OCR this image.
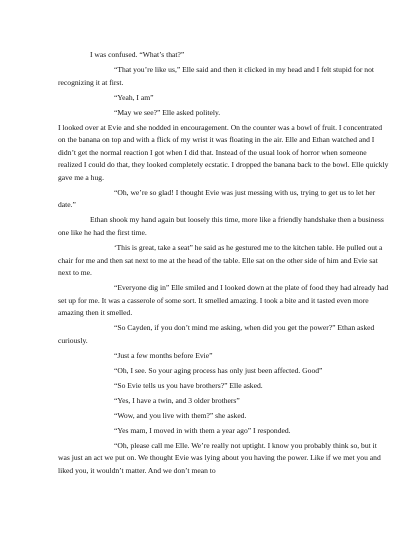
I was confused. “What’s that?”

“That you’re like us,” Elle said and then it clicked in my head and I felt stupid for not recognizing it at first.

“Yeah, I am”

“May we see?” Elle asked politely.

I looked over at Evie and she nodded in encouragement. On the counter was a bowl of fruit. I concentrated on the banana on top and with a flick of my wrist it was floating in the air. Elle and Ethan watched and I didn’t get the normal reaction I got when I did that. Instead of the usual look of horror when someone realized I could do that, they looked completely ecstatic. I dropped the banana back to the bowl. Elle quickly gave me a hug.

“Oh, we’re so glad! I thought Evie was just messing with us, trying to get us to let her date.”

Ethan shook my hand again but loosely this time, more like a friendly handshake then a business one like he had the first time.

‘This is great, take a seat” he said as he gestured me to the kitchen table. He pulled out a chair for me and then sat next to me at the head of the table. Elle sat on the other side of him and Evie sat next to me.

“Everyone dig in” Elle smiled and I looked down at the plate of food they had already had set up for me. It was a casserole of some sort. It smelled amazing. I took a bite and it tasted even more amazing then it smelled.

“So Cayden, if you don’t mind me asking, when did you get the power?” Ethan asked curiously.

“Just a few months before Evie”

“Oh, I see. So your aging process has only just been affected. Good”

“So Evie tells us you have brothers?” Elle asked.

“Yes, I have a twin, and 3 older brothers”

“Wow, and you live with them?” she asked.

“Yes mam, I moved in with them a year ago” I responded.

“Oh, please call me Elle. We’re really not uptight. I know you probably think so, but it was just an act we put on. We thought Evie was lying about you having the power. Like if we met you and liked you, it wouldn’t matter. And we don’t mean to
